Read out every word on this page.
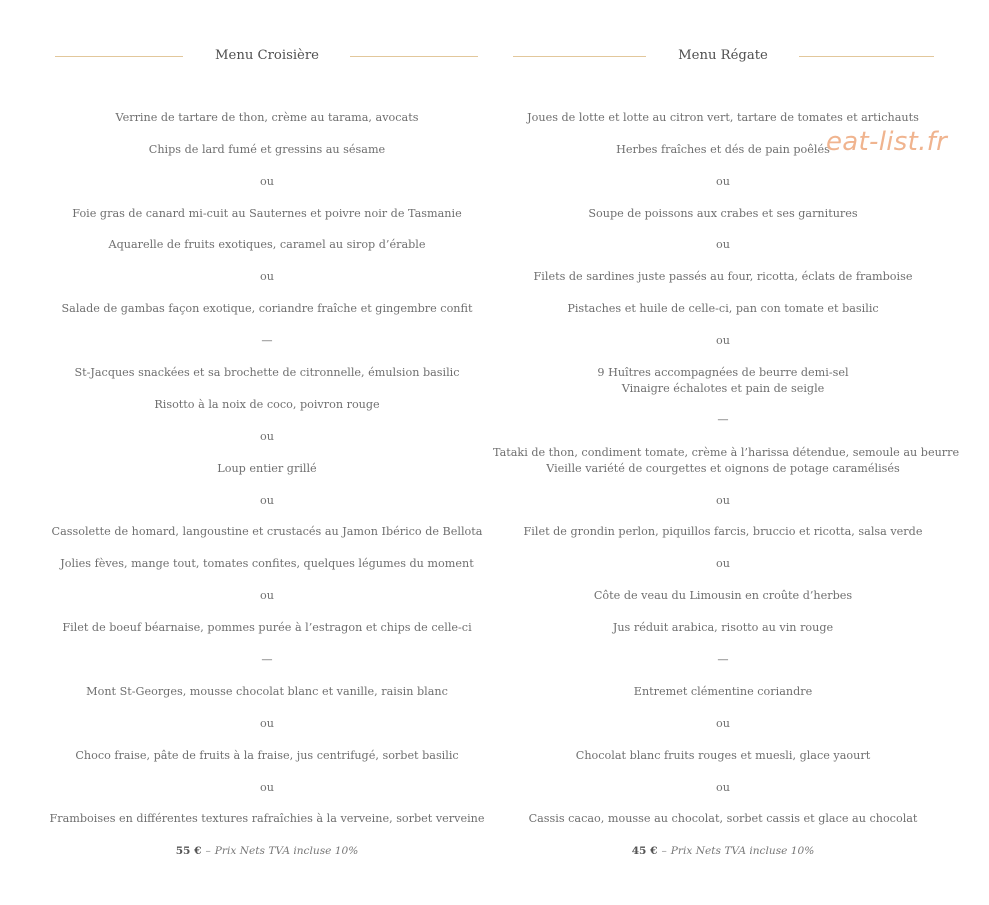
Menu Croisière
Verrine de tartare de thon, crème au tarama, avocats
Chips de lard fumé et gressins au sésame
ou
Foie gras de canard mi-cuit au Sauternes et poivre noir de Tasmanie
Aquarelle de fruits exotiques, caramel au sirop d’érable
ou
Salade de gambas façon exotique, coriandre fraîche et gingembre confit
—
St-Jacques snackées et sa brochette de citronnelle, émulsion basilic
Risotto à la noix de coco, poivron rouge
ou
Loup entier grillé
ou
Cassolette de homard, langoustine et crustacés au Jamon Ibérico de Bellota
Jolies fèves, mange tout, tomates confites, quelques légumes du moment
ou
Filet de boeuf béarnaise, pommes purée à l’estragon et chips de celle-ci
—
Mont St-Georges, mousse chocolat blanc et vanille, raisin blanc
ou
Choco fraise, pâte de fruits à la fraise, jus centrifugé, sorbet basilic
ou
Framboises en différentes textures rafraîchies à la verveine, sorbet verveine
55 € – Prix Nets TVA incluse 10%
Menu Régate
Joues de lotte et lotte au citron vert, tartare de tomates et artichauts
Herbes fraîches et dés de pain poêlés
ou
Soupe de poissons aux crabes et ses garnitures
ou
Filets de sardines juste passés au four, ricotta, éclats de framboise
Pistaches et huile de celle-ci, pan con tomate et basilic
ou
9 Huîtres accompagnées de beurre demi-sel
Vinaigre échalotes et pain de seigle
—
Tataki de thon, condiment tomate, crème à l’harissa détendue, semoule au beurre
Vieille variété de courgettes et oignons de potage caramélisés
ou
Filet de grondin perlon, piquillos farcis, bruccio et ricotta, salsa verde
ou
Côte de veau du Limousin en croûte d’herbes
Jus réduit arabica, risotto au vin rouge
—
Entremet clémentine coriandre
ou
Chocolat blanc fruits rouges et muesli, glace yaourt
ou
Cassis cacao, mousse au chocolat, sorbet cassis et glace au chocolat
45 € – Prix Nets TVA incluse 10%
eat-list.fr
